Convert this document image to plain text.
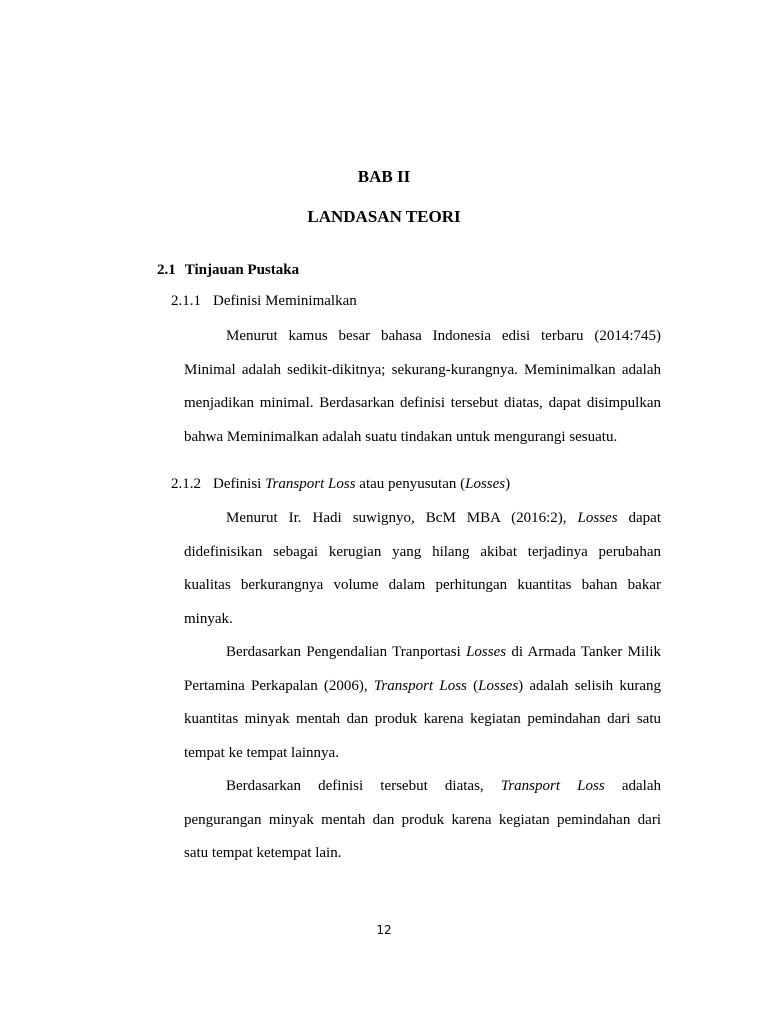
BAB II
LANDASAN TEORI
2.1 Tinjauan Pustaka
2.1.1 Definisi Meminimalkan
Menurut kamus besar bahasa Indonesia edisi terbaru (2014:745)
Minimal adalah sedikit-dikitnya; sekurang-kurangnya. Meminimalkan adalah
menjadikan minimal. Berdasarkan definisi tersebut diatas, dapat disimpulkan
bahwa Meminimalkan adalah suatu tindakan untuk mengurangi sesuatu.
2.1.2 Definisi Transport Loss atau penyusutan (Losses)
Menurut Ir. Hadi suwignyo, BcM MBA (2016:2), Losses dapat
didefinisikan sebagai kerugian yang hilang akibat terjadinya perubahan
kualitas berkurangnya volume dalam perhitungan kuantitas bahan bakar
minyak.
Berdasarkan Pengendalian Tranportasi Losses di Armada Tanker Milik
Pertamina Perkapalan (2006), Transport Loss (Losses) adalah selisih kurang
kuantitas minyak mentah dan produk karena kegiatan pemindahan dari satu
tempat ke tempat lainnya.
Berdasarkan definisi tersebut diatas, Transport Loss adalah
pengurangan minyak mentah dan produk karena kegiatan pemindahan dari
satu tempat ketempat lain.
12
